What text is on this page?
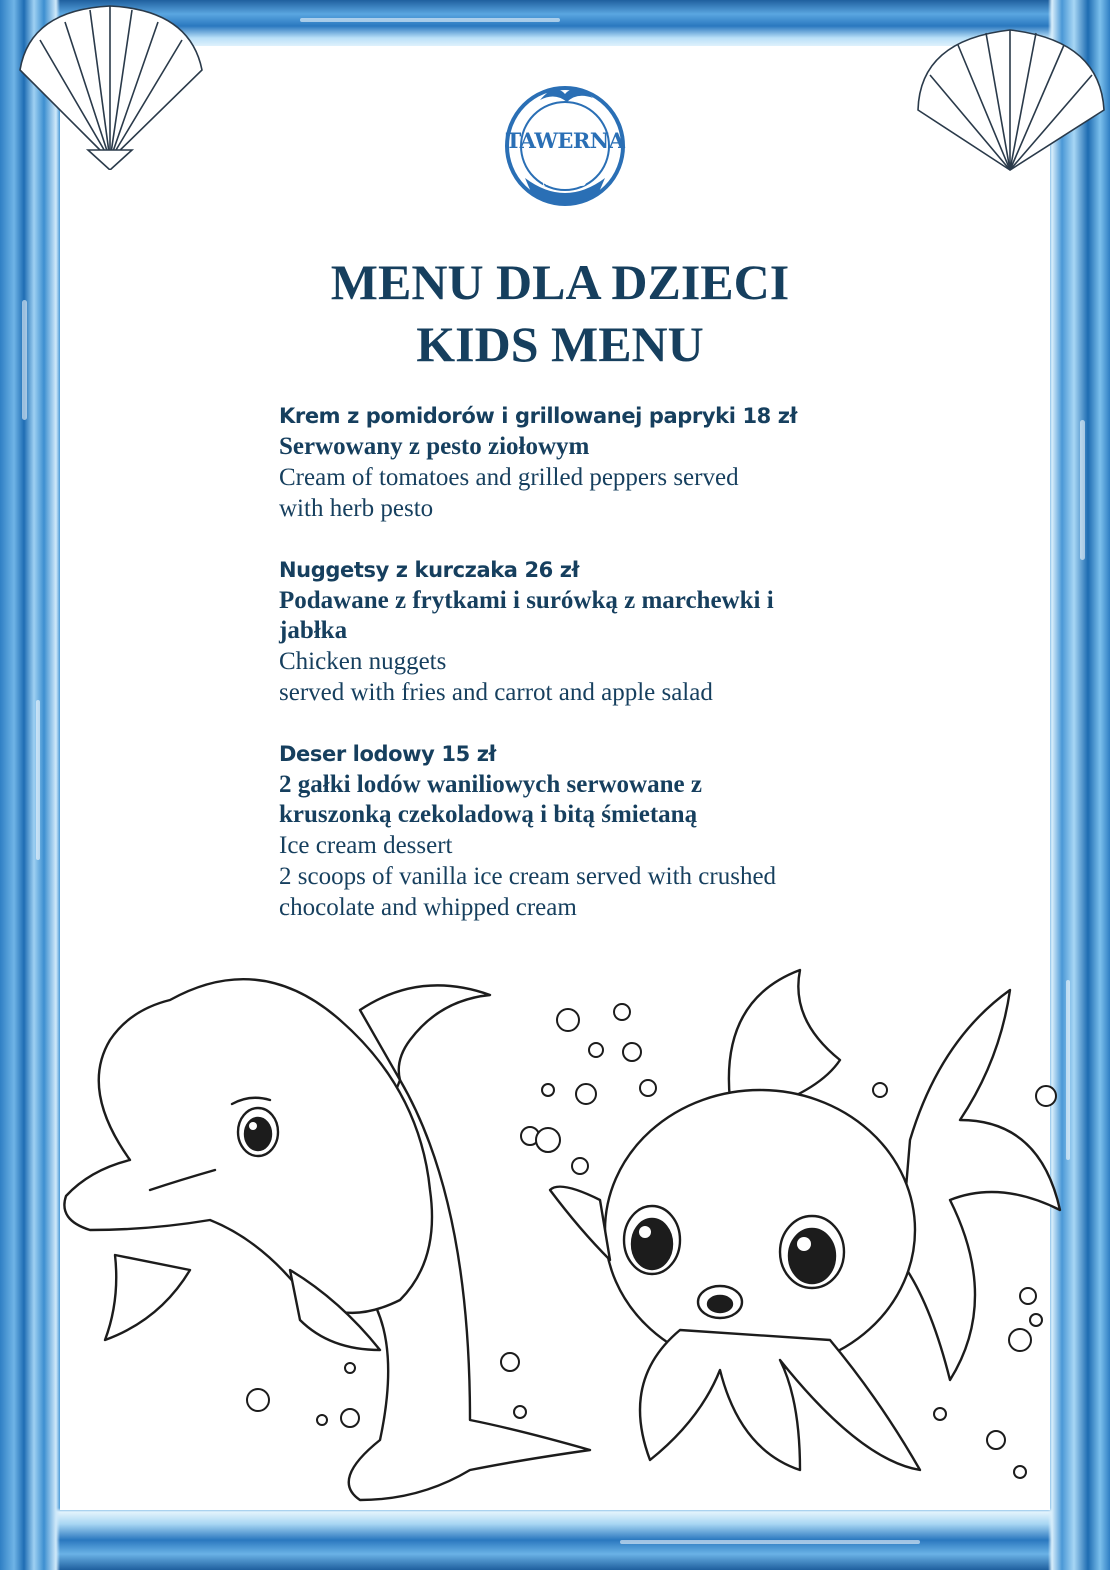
TAWERNA
MOLO
MENU DLA DZIECI
KIDS MENU
Krem z pomidorów i grillowanej papryki 18 zł
Serwowany z pesto ziołowym
Cream of tomatoes and grilled peppers served
with herb pesto
Nuggetsy z kurczaka 26 zł
Podawane z frytkami i surówką z marchewki i
jabłka
Chicken nuggets
served with fries and carrot and apple salad
Deser lodowy 15 zł
2 gałki lodów waniliowych serwowane z
kruszonką czekoladową i bitą śmietaną
Ice cream dessert
2 scoops of vanilla ice cream served with crushed
chocolate and whipped cream
